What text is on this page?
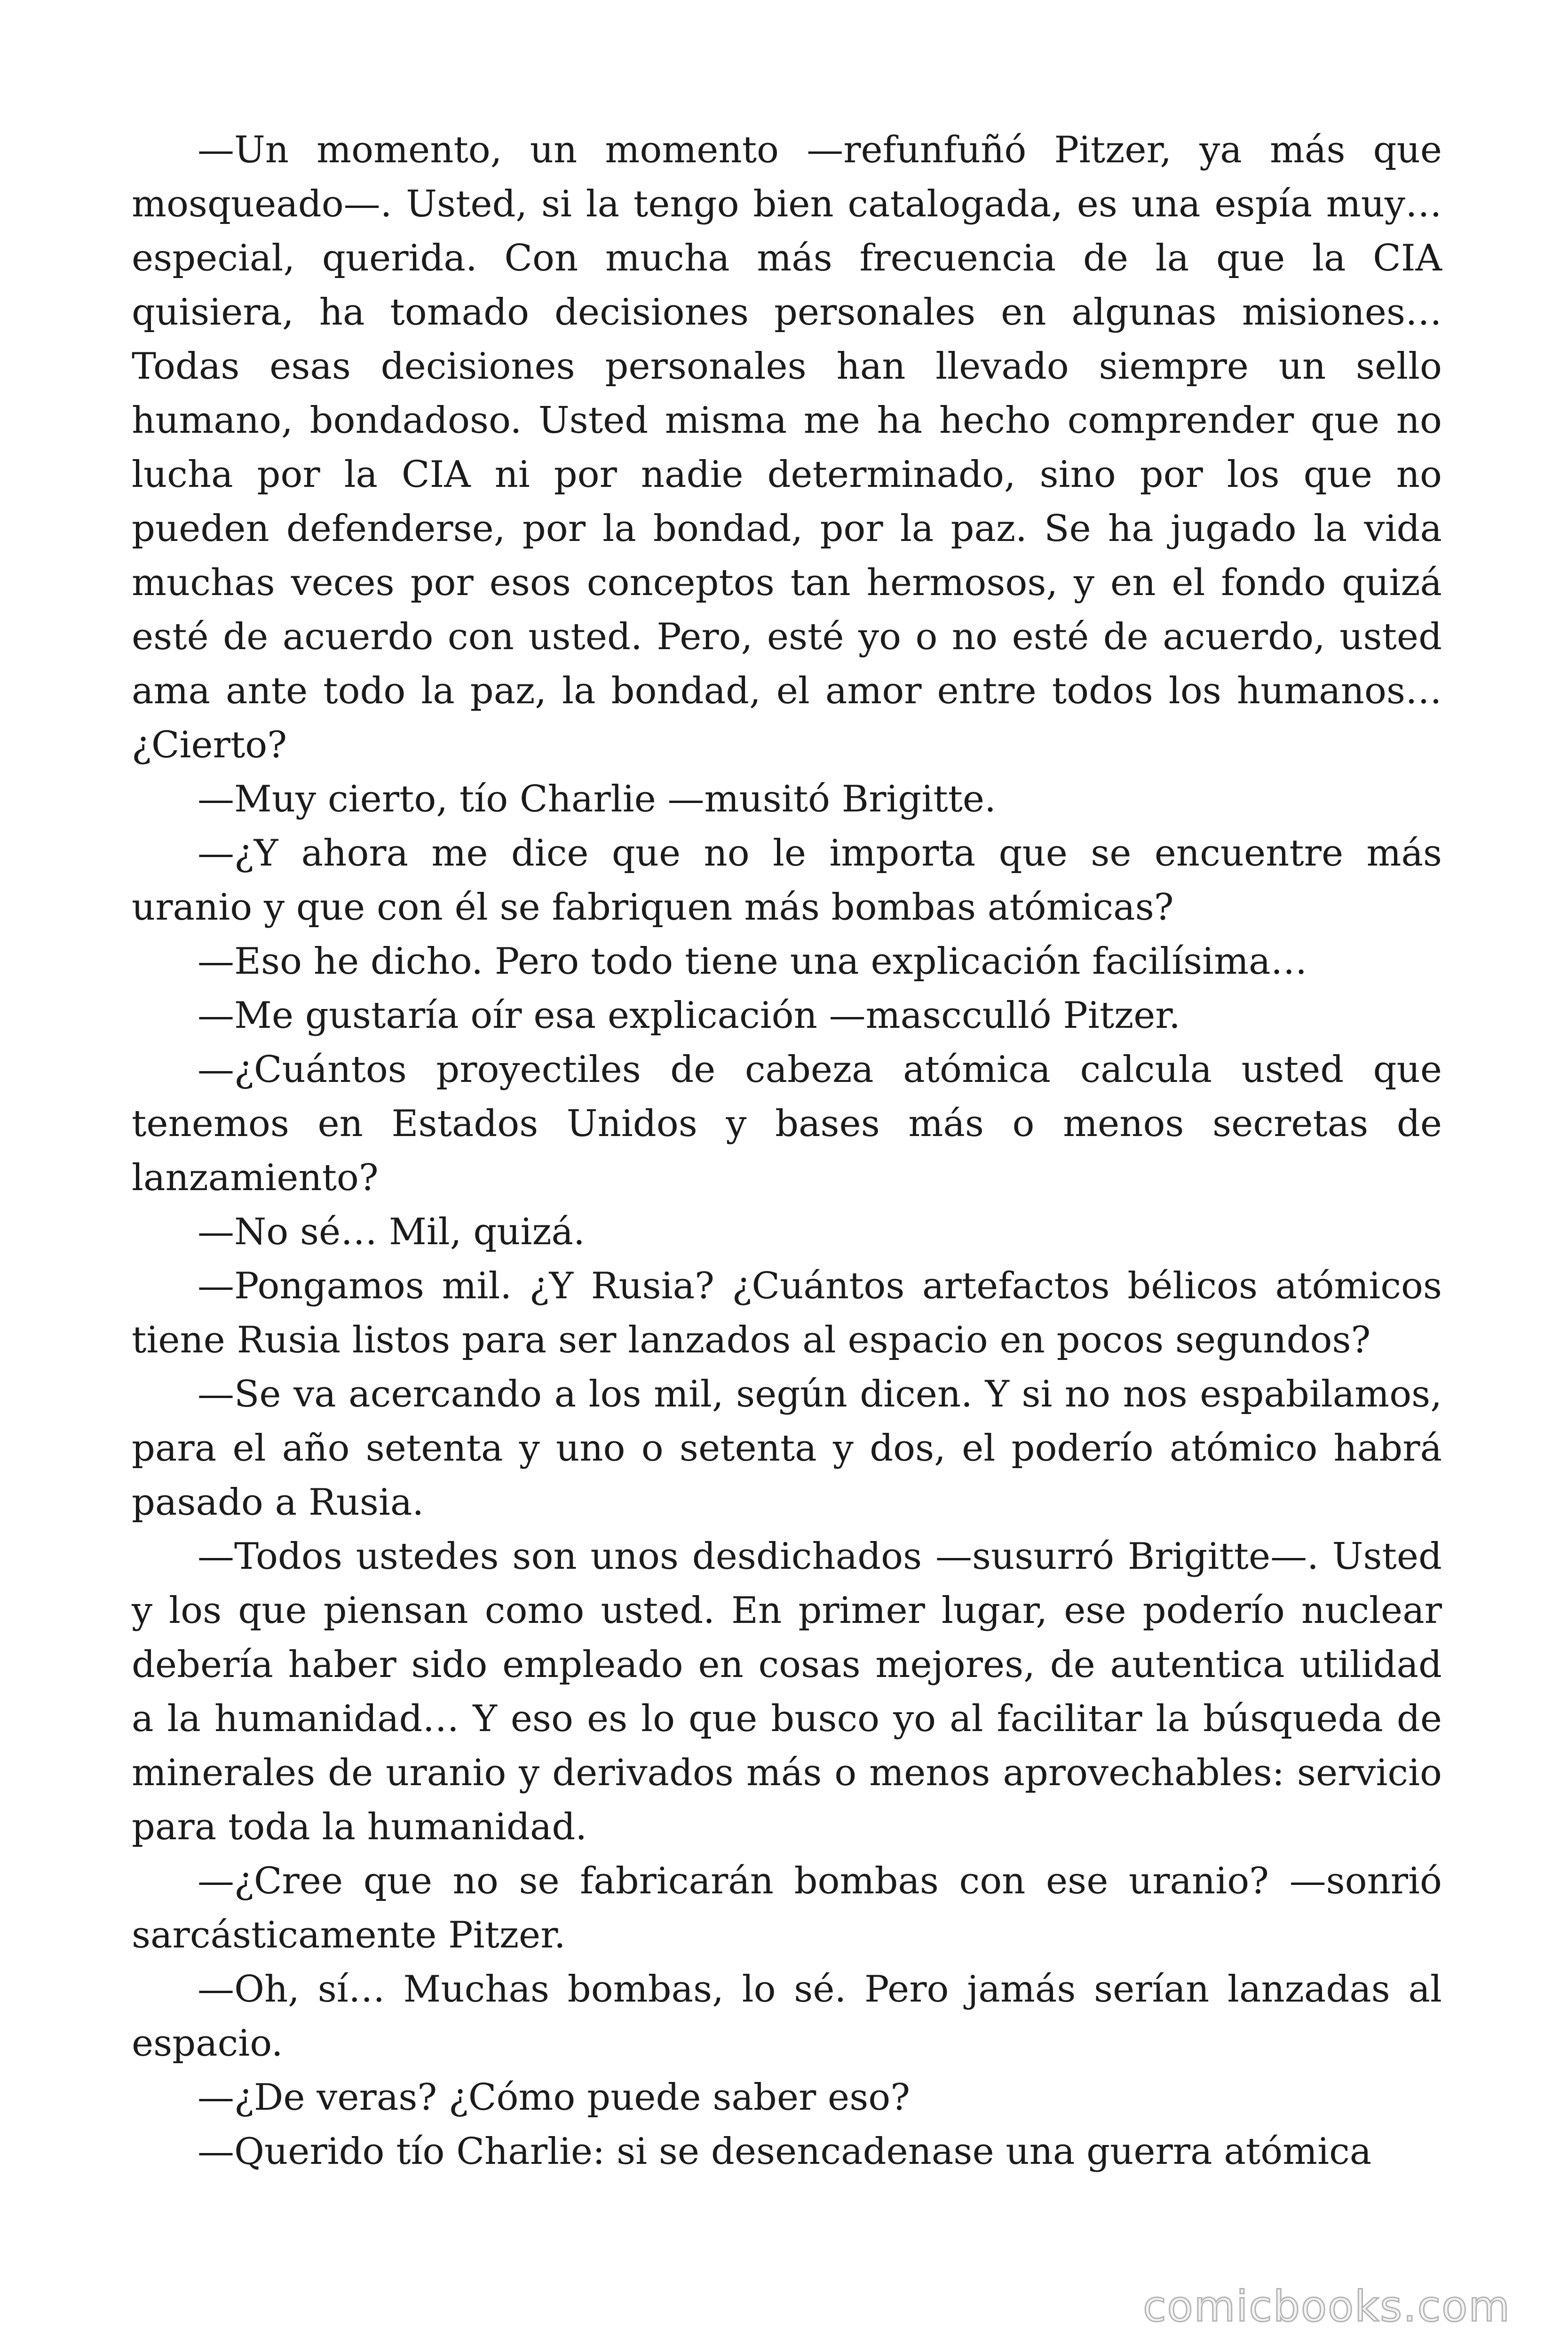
—Un momento, un momento —refunfuñó Pitzer, ya más que mosqueado—. Usted, si la tengo bien catalogada, es una espía muy… especial, querida. Con mucha más frecuencia de la que la CIA quisiera, ha tomado decisiones personales en algunas misiones… Todas esas decisiones personales han llevado siempre un sello humano, bondadoso. Usted misma me ha hecho comprender que no lucha por la CIA ni por nadie determinado, sino por los que no pueden defenderse, por la bondad, por la paz. Se ha jugado la vida muchas veces por esos conceptos tan hermosos, y en el fondo quizá esté de acuerdo con usted. Pero, esté yo o no esté de acuerdo, usted ama ante todo la paz, la bondad, el amor entre todos los humanos… ¿Cierto?

—Muy cierto, tío Charlie —musitó Brigitte.

—¿Y ahora me dice que no le importa que se encuentre más uranio y que con él se fabriquen más bombas atómicas?

—Eso he dicho. Pero todo tiene una explicación facilísima…

—Me gustaría oír esa explicación —mascculló Pitzer.

—¿Cuántos proyectiles de cabeza atómica calcula usted que tenemos en Estados Unidos y bases más o menos secretas de lanzamiento?

—No sé… Mil, quizá.

—Pongamos mil. ¿Y Rusia? ¿Cuántos artefactos bélicos atómicos tiene Rusia listos para ser lanzados al espacio en pocos segundos?

—Se va acercando a los mil, según dicen. Y si no nos espabilamos, para el año setenta y uno o setenta y dos, el poderío atómico habrá pasado a Rusia.

—Todos ustedes son unos desdichados —susurró Brigitte—. Usted y los que piensan como usted. En primer lugar, ese poderío nuclear debería haber sido empleado en cosas mejores, de autentica utilidad a la humanidad… Y eso es lo que busco yo al facilitar la búsqueda de minerales de uranio y derivados más o menos aprovechables: servicio para toda la humanidad.

—¿Cree que no se fabricarán bombas con ese uranio? —sonrió sarcásticamente Pitzer.

—Oh, sí… Muchas bombas, lo sé. Pero jamás serían lanzadas al espacio.

—¿De veras? ¿Cómo puede saber eso?

—Querido tío Charlie: si se desencadenase una guerra atómica

comicbooks.com
